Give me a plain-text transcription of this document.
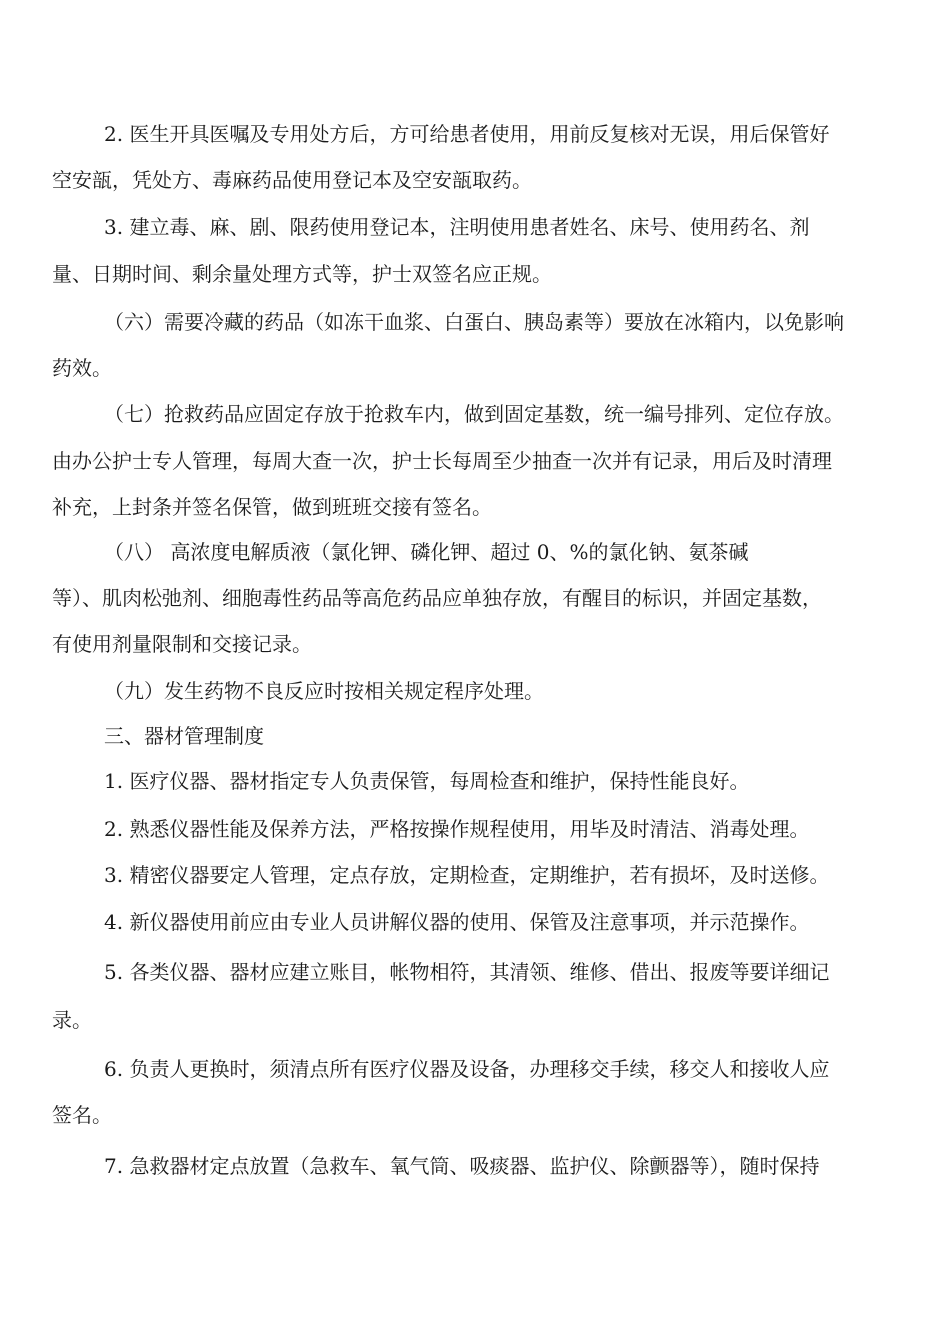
2. 医生开具医嘱及专用处方后，方可给患者使用，用前反复核对无误，用后保管好
空安瓿，凭处方、毒麻药品使用登记本及空安瓿取药。
3. 建立毒、麻、剧、限药使用登记本，注明使用患者姓名、床号、使用药名、剂
量、日期时间、剩余量处理方式等，护士双签名应正规。
（六）需要冷藏的药品（如冻干血浆、白蛋白、胰岛素等）要放在冰箱内，以免影响
药效。
（七）抢救药品应固定存放于抢救车内，做到固定基数，统一编号排列、定位存放。
由办公护士专人管理，每周大查一次，护士长每周至少抽查一次并有记录，用后及时清理
补充，上封条并签名保管，做到班班交接有签名。
（八） 高浓度电解质液（氯化钾、磷化钾、超过 0、%的氯化钠、氨茶碱
等）、肌肉松弛剂、细胞毒性药品等高危药品应单独存放，有醒目的标识，并固定基数，
有使用剂量限制和交接记录。
（九）发生药物不良反应时按相关规定程序处理。
三、器材管理制度
1. 医疗仪器、器材指定专人负责保管，每周检查和维护，保持性能良好。
2. 熟悉仪器性能及保养方法，严格按操作规程使用，用毕及时清洁、消毒处理。
3. 精密仪器要定人管理，定点存放，定期检查，定期维护，若有损坏，及时送修。
4. 新仪器使用前应由专业人员讲解仪器的使用、保管及注意事项，并示范操作。
5. 各类仪器、器材应建立账目，帐物相符，其清领、维修、借出、报废等要详细记
录。
6. 负责人更换时，须清点所有医疗仪器及设备，办理移交手续，移交人和接收人应
签名。
7. 急救器材定点放置（急救车、氧气筒、吸痰器、监护仪、除颤器等），随时保持
